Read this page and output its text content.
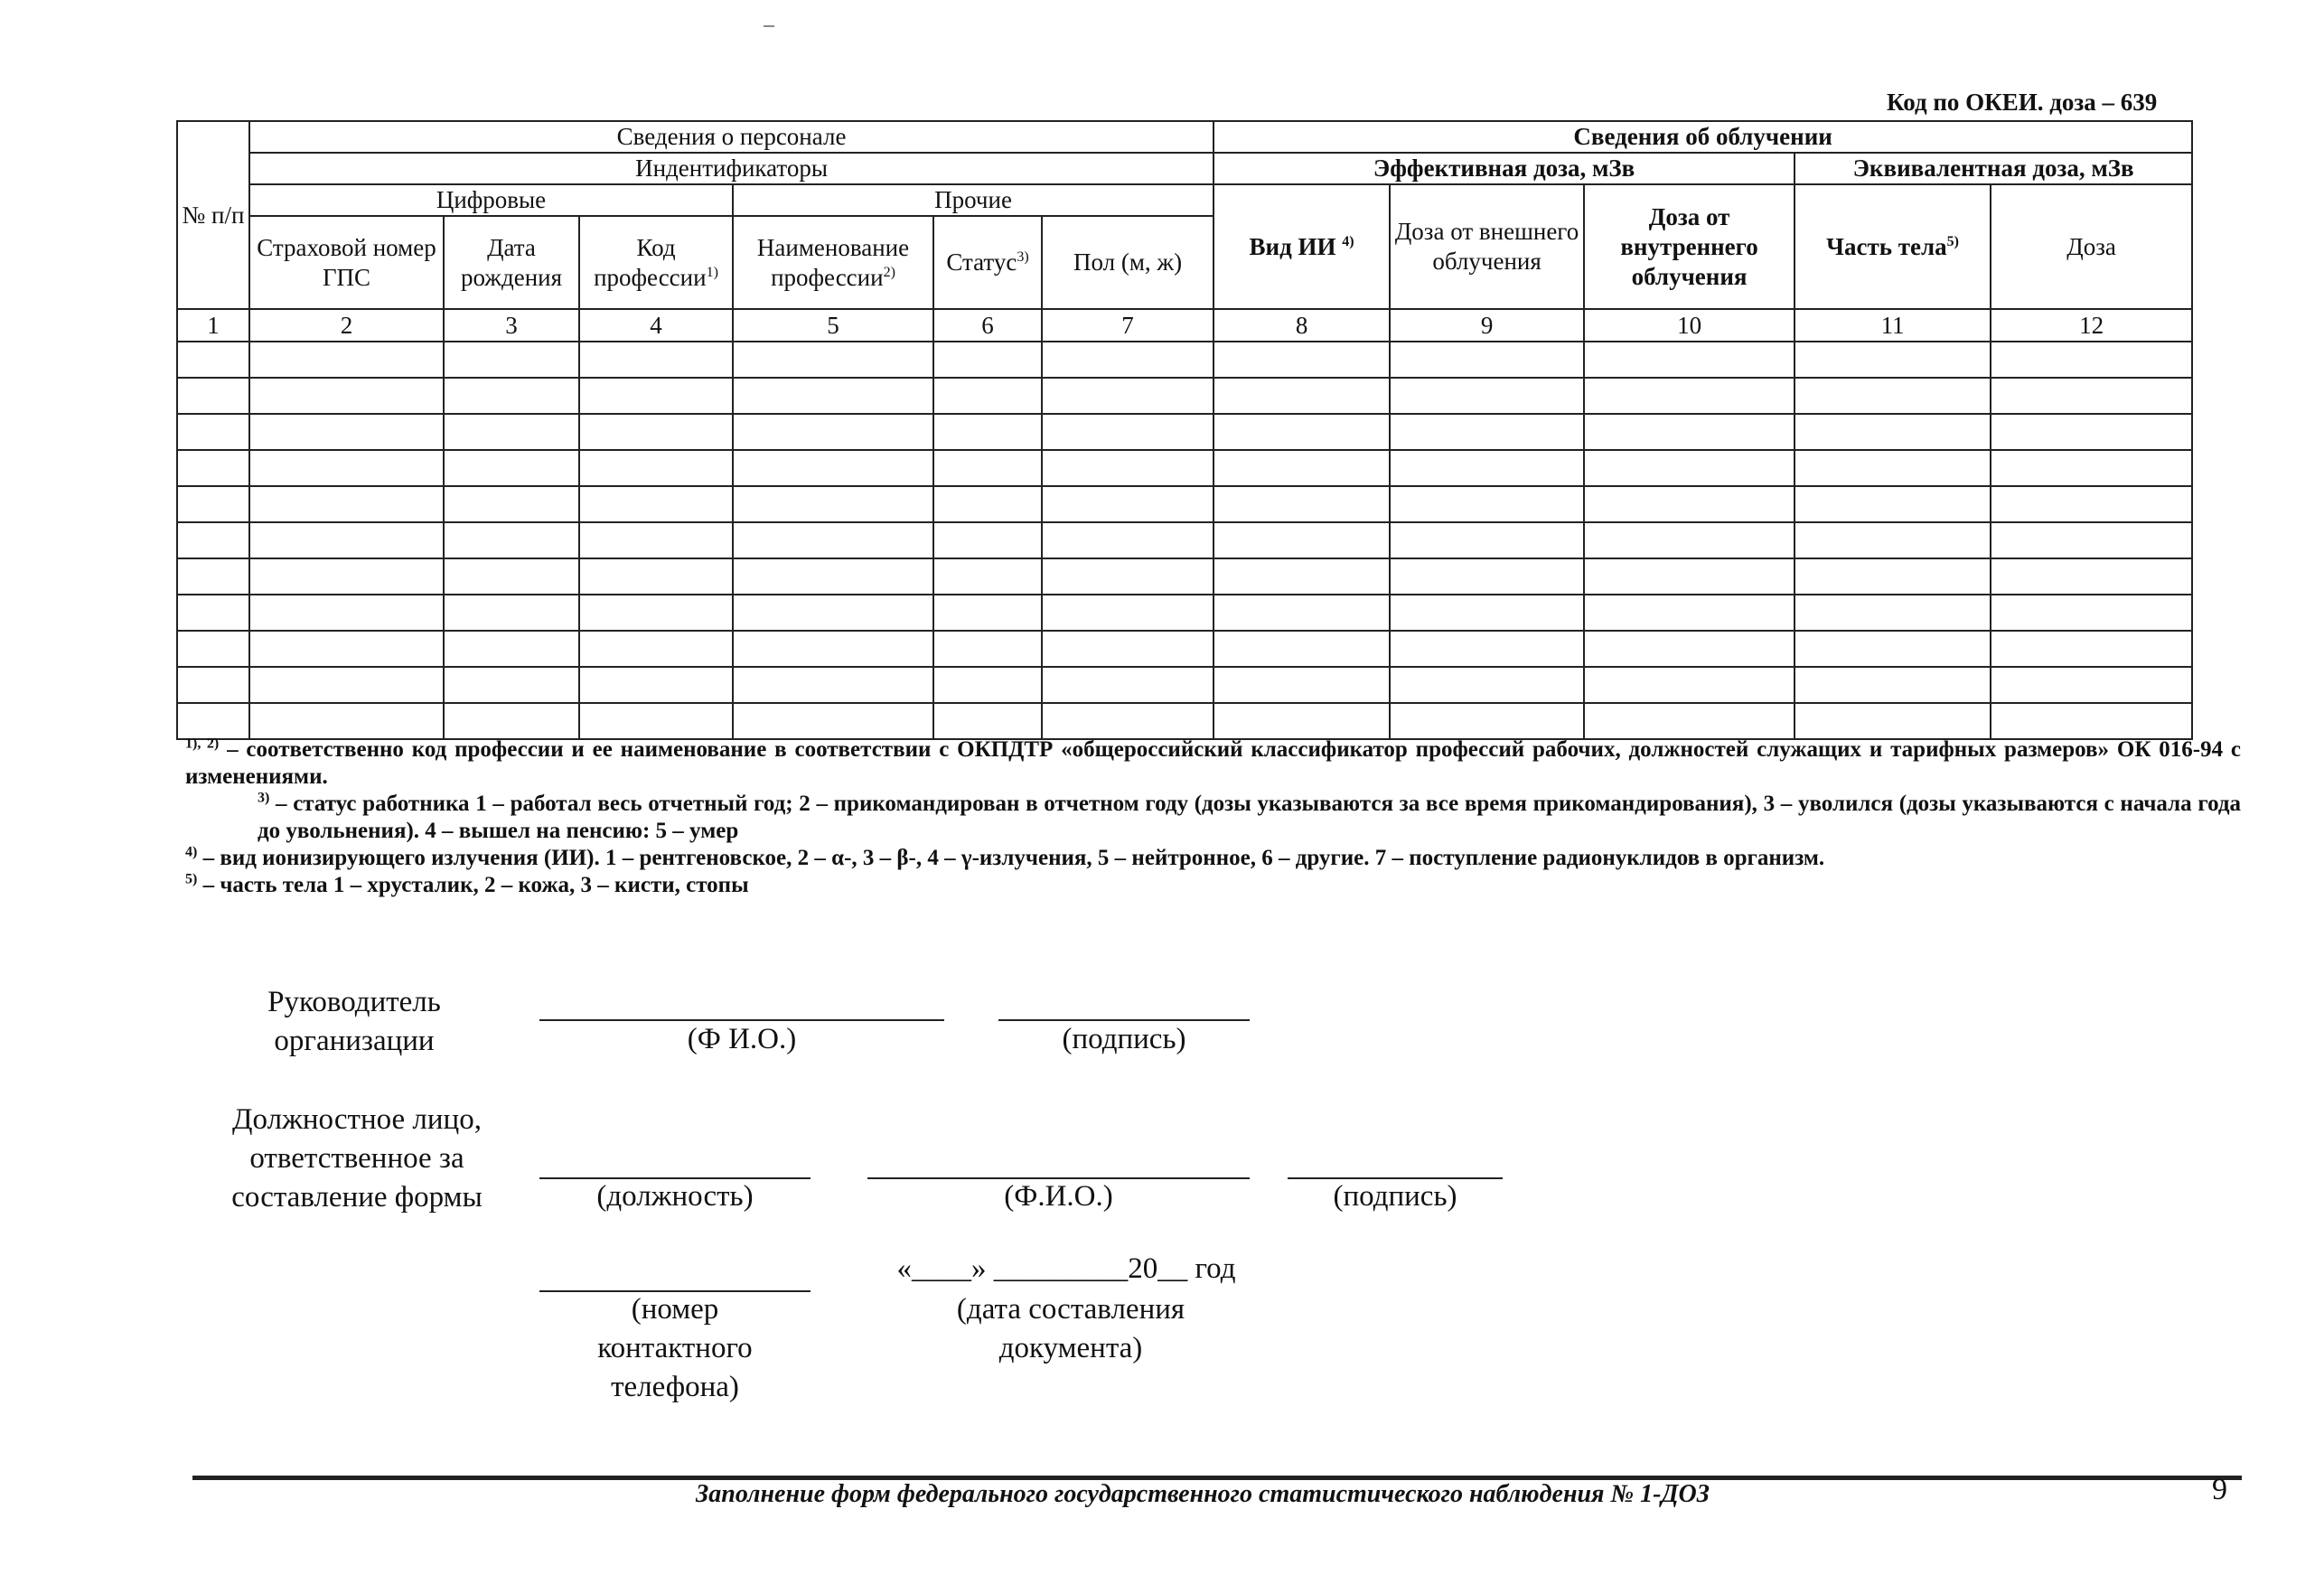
Код по ОКЕИ. доза – 639
№ п/п	Сведения о персонале						Сведения об облучении				
	Индентификаторы						Эффективная доза, мЗв			Эквивалентная доза, мЗв	
	Цифровые			Прочие			Вид ИИ $^{4)}$	Доза от внешнего облучения	Доза от внутреннего облучения	Часть тела$^{5)}$	Доза
	Страховой номер ГПС	Дата рождения	Код профессии$^{1)}$	Наименование профессии$^{2)}$	Статус$^{3)}$	Пол (м, ж)					
1	2	3	4	5	6	7	8	9	10	11	12

$^{1), 2)}$ – соответственно код профессии и ее наименование в соответствии с ОКПДТР «общероссийский классификатор профессий рабочих, должностей служащих и тарифных размеров» ОК 016-94 с изменениями.

$^{3)}$ – статус работника 1 – работал весь отчетный год; 2 – прикомандирован в отчетном году (дозы указываются за все время прикомандирования), 3 – уволился (дозы указываются с начала года до увольнения). 4 – вышел на пенсию: 5 – умер

$^{4)}$ – вид ионизирующего излучения (ИИ). 1 – рентгеновское, 2 – α-, 3 – β-, 4 – γ-излучения, 5 – нейтронное, 6 – другие. 7 – поступление радионуклидов в организм.

$^{5)}$ – часть тела 1 – хрусталик, 2 – кожа, 3 – кисти, стопы

Руководитель
организации	(Ф И.О.)	(подпись)
Должностное лицо,
ответственное за
составление формы	(должность)	(Ф.И.О.)	(подпись)
(номер
контактного
телефона)
«____» _________20__ год
(дата составления
документа)
Заполнение форм федерального государственного статистического наблюдения № 1-ДОЗ	9
